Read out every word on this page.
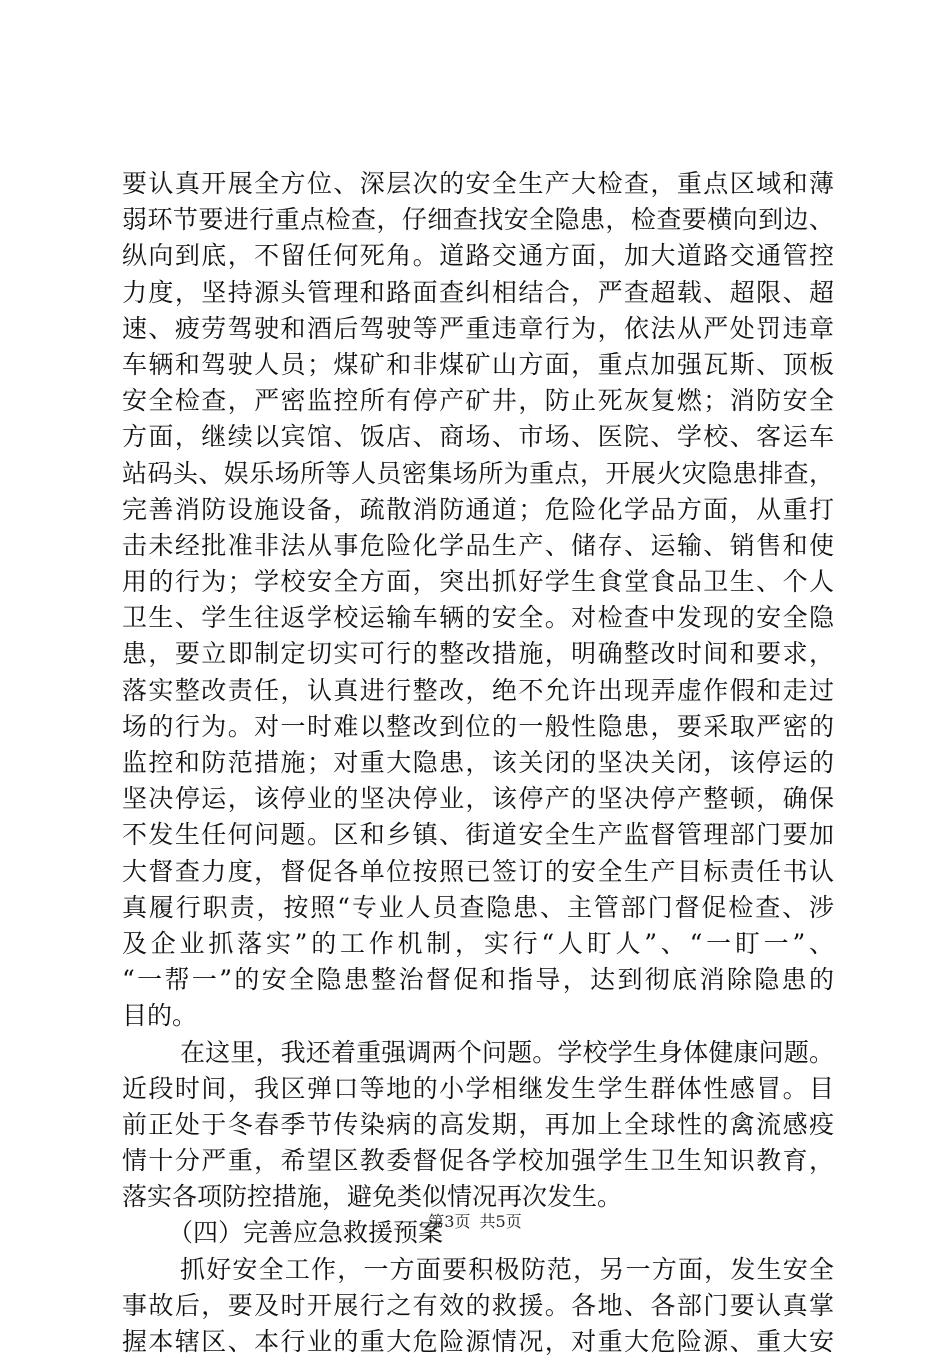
要认真开展全方位、深层次的安全生产大检查，重点区域和薄
弱环节要进行重点检查，仔细查找安全隐患，检查要横向到边、
纵向到底，不留任何死角。道路交通方面，加大道路交通管控
力度，坚持源头管理和路面查纠相结合，严查超载、超限、超
速、疲劳驾驶和酒后驾驶等严重违章行为，依法从严处罚违章
车辆和驾驶人员；煤矿和非煤矿山方面，重点加强瓦斯、顶板
安全检查，严密监控所有停产矿井，防止死灰复燃；消防安全
方面，继续以宾馆、饭店、商场、市场、医院、学校、客运车
站码头、娱乐场所等人员密集场所为重点，开展火灾隐患排查，
完善消防设施设备，疏散消防通道；危险化学品方面，从重打
击未经批准非法从事危险化学品生产、储存、运输、销售和使
用的行为；学校安全方面，突出抓好学生食堂食品卫生、个人
卫生、学生往返学校运输车辆的安全。对检查中发现的安全隐
患，要立即制定切实可行的整改措施，明确整改时间和要求，
落实整改责任，认真进行整改，绝不允许出现弄虚作假和走过
场的行为。对一时难以整改到位的一般性隐患，要采取严密的
监控和防范措施；对重大隐患，该关闭的坚决关闭，该停运的
坚决停运，该停业的坚决停业，该停产的坚决停产整顿，确保
不发生任何问题。区和乡镇、街道安全生产监督管理部门要加
大督查力度，督促各单位按照已签订的安全生产目标责任书认
真履行职责，按照“专业人员查隐患、主管部门督促检查、涉
及企业抓落实”的工作机制，实行“人盯人”、“一盯一”、
“一帮一”的安全隐患整治督促和指导，达到彻底消除隐患的
目的。
在这里，我还着重强调两个问题。学校学生身体健康问题。
近段时间，我区弹口等地的小学相继发生学生群体性感冒。目
前正处于冬春季节传染病的高发期，再加上全球性的禽流感疫
情十分严重，希望区教委督促各学校加强学生卫生知识教育，
落实各项防控措施，避免类似情况再次发生。
（四）完善应急救援预案
抓好安全工作，一方面要积极防范，另一方面，发生安全
事故后，要及时开展行之有效的救援。各地、各部门要认真掌
握本辖区、本行业的重大危险源情况，对重大危险源、重大安
第3页 共5页
